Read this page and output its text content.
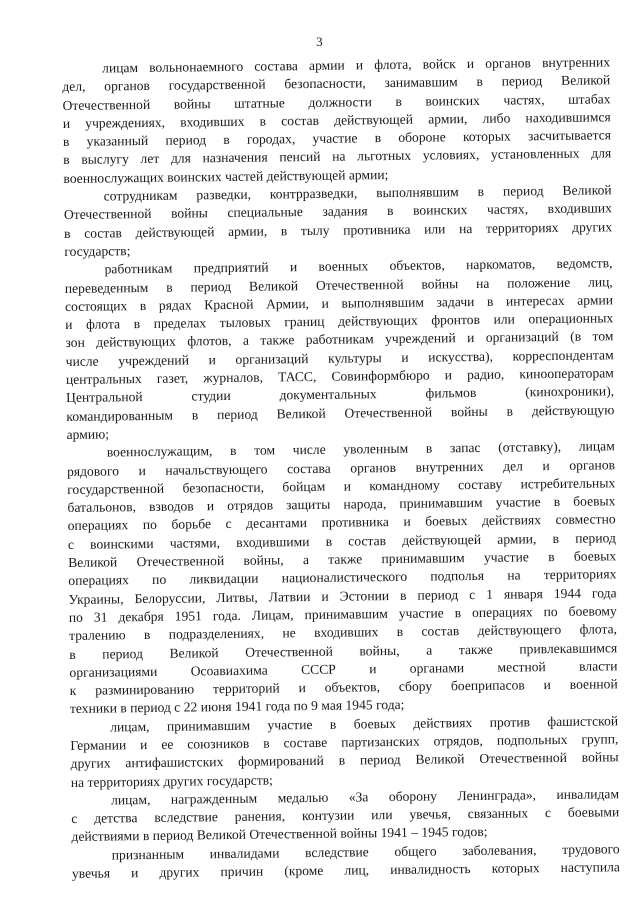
3
лицам вольнонаемного состава армии и флота, войск и органов внутренних
дел, органов государственной безопасности, занимавшим в период Великой
Отечественной войны штатные должности в воинских частях, штабах
и учреждениях, входивших в состав действующей армии, либо находившимся
в указанный период в городах, участие в обороне которых засчитывается
в выслугу лет для назначения пенсий на льготных условиях, установленных для
военнослужащих воинских частей действующей армии;
сотрудникам разведки, контрразведки, выполнявшим в период Великой
Отечественной войны специальные задания в воинских частях, входивших
в состав действующей армии, в тылу противника или на территориях других
государств;
работникам предприятий и военных объектов, наркоматов, ведомств,
переведенным в период Великой Отечественной войны на положение лиц,
состоящих в рядах Красной Армии, и выполнявшим задачи в интересах армии
и флота в пределах тыловых границ действующих фронтов или операционных
зон действующих флотов, а также работникам учреждений и организаций (в том
числе учреждений и организаций культуры и искусства), корреспондентам
центральных газет, журналов, ТАСС, Совинформбюро и радио, кинооператорам
Центральной студии документальных фильмов (кинохроники),
командированным в период Великой Отечественной войны в действующую
армию;
военнослужащим, в том числе уволенным в запас (отставку), лицам
рядового и начальствующего состава органов внутренних дел и органов
государственной безопасности, бойцам и командному составу истребительных
батальонов, взводов и отрядов защиты народа, принимавшим участие в боевых
операциях по борьбе с десантами противника и боевых действиях совместно
с воинскими частями, входившими в состав действующей армии, в период
Великой Отечественной войны, а также принимавшим участие в боевых
операциях по ликвидации националистического подполья на территориях
Украины, Белоруссии, Литвы, Латвии и Эстонии в период с 1 января 1944 года
по 31 декабря 1951 года. Лицам, принимавшим участие в операциях по боевому
тралению в подразделениях, не входивших в состав действующего флота,
в период Великой Отечественной войны, а также привлекавшимся
организациями Осоавиахима СССР и органами местной власти
к разминированию территорий и объектов, сбору боеприпасов и военной
техники в период с 22 июня 1941 года по 9 мая 1945 года;
лицам, принимавшим участие в боевых действиях против фашистской
Германии и ее союзников в составе партизанских отрядов, подпольных групп,
других антифашистских формирований в период Великой Отечественной войны
на территориях других государств;
лицам, награжденным медалью «За оборону Ленинграда», инвалидам
с детства вследствие ранения, контузии или увечья, связанных с боевыми
действиями в период Великой Отечественной войны 1941 – 1945 годов;
признанным инвалидами вследствие общего заболевания, трудового
увечья и других причин (кроме лиц, инвалидность которых наступила
